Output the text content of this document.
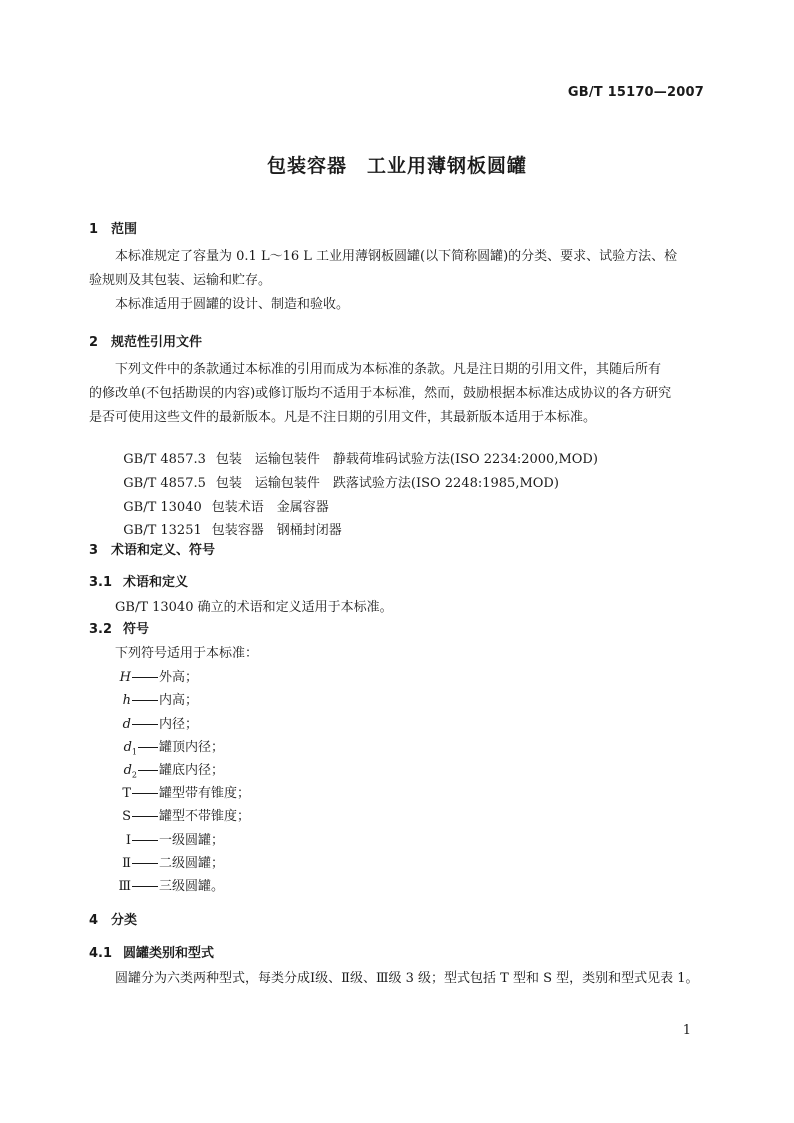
GB/T 15170—2007
包装容器　工业用薄钢板圆罐
1 范围
本标准规定了容量为 0.1 L～16 L 工业用薄钢板圆罐(以下简称圆罐)的分类、要求、试验方法、检
验规则及其包装、运输和贮存。
本标准适用于圆罐的设计、制造和验收。
2 规范性引用文件
下列文件中的条款通过本标准的引用而成为本标准的条款。凡是注日期的引用文件，其随后所有
的修改单(不包括勘误的内容)或修订版均不适用于本标准，然而，鼓励根据本标准达成协议的各方研究
是否可使用这些文件的最新版本。凡是不注日期的引用文件，其最新版本适用于本标准。

GB/T 4857.3 包装　运输包装件　静载荷堆码试验方法(ISO 2234:2000,MOD)

GB/T 4857.5 包装　运输包装件　跌落试验方法(ISO 2248:1985,MOD)

GB/T 13040 包装术语　金属容器

GB/T 13251 包装容器　钢桶封闭器

3 术语和定义、符号
3.1 术语和定义
GB/T 13040 确立的术语和定义适用于本标准。
3.2 符号
下列符号适用于本标准：
H 外高；
h 内高；
d 内径；
$d_1$ 罐顶内径；
$d_2$ 罐底内径；
T 罐型带有锥度；
S 罐型不带锥度；
Ⅰ 一级圆罐；
Ⅱ 二级圆罐；
Ⅲ 三级圆罐。
4 分类
4.1 圆罐类别和型式
圆罐分为六类两种型式，每类分成Ⅰ级、Ⅱ级、Ⅲ级 3 级；型式包括 T 型和 S 型，类别和型式见表 1。
1
